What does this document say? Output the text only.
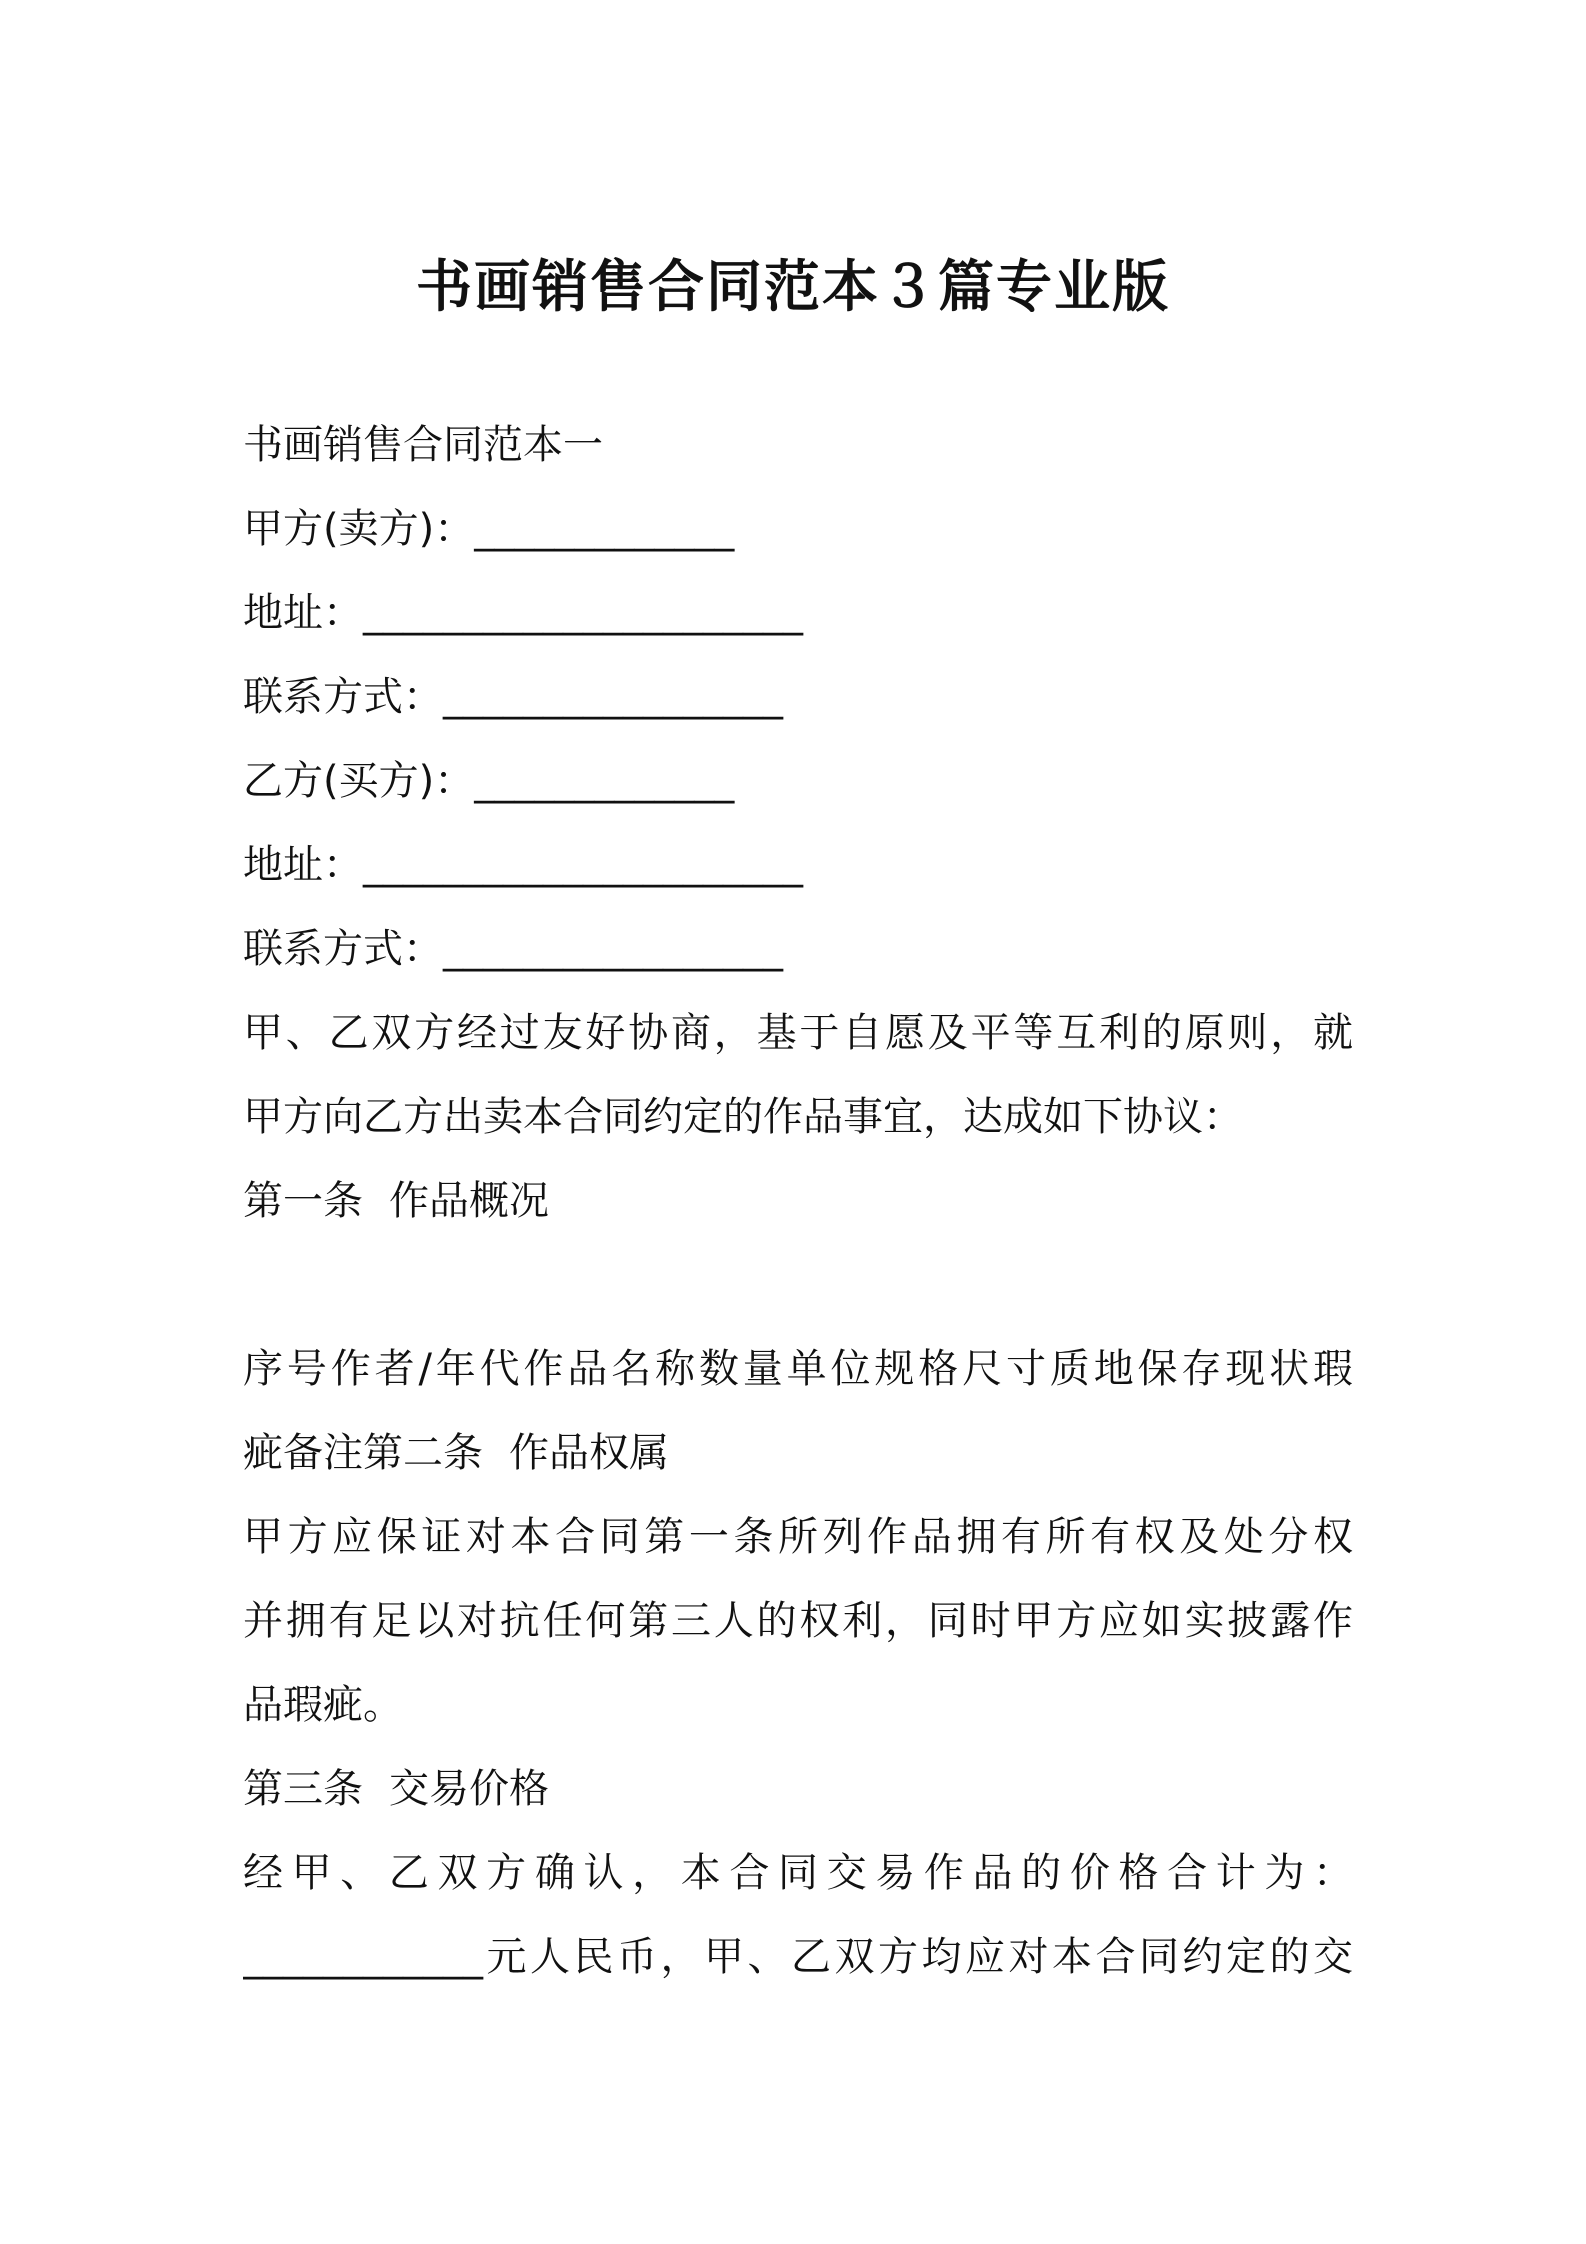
书画销售合同范本３篇专业版
书画销售合同范本一
甲方(卖方)：_____________
地址：______________________
联系方式：_________________
乙方(买方)：_____________
地址：______________________
联系方式：_________________
甲、乙双方经过友好协商，基于自愿及平等互利的原则，就
甲方向乙方出卖本合同约定的作品事宜，达成如下协议：
第一条 作品概况
序号作者/年代作品名称数量单位规格尺寸质地保存现状瑕
疵备注第二条 作品权属
甲方应保证对本合同第一条所列作品拥有所有权及处分权
并拥有足以对抗任何第三人的权利，同时甲方应如实披露作
品瑕疵。
第三条 交易价格
经甲、乙双方确认，本合同交易作品的价格合计为：
____________元人民币，甲、乙双方均应对本合同约定的交
